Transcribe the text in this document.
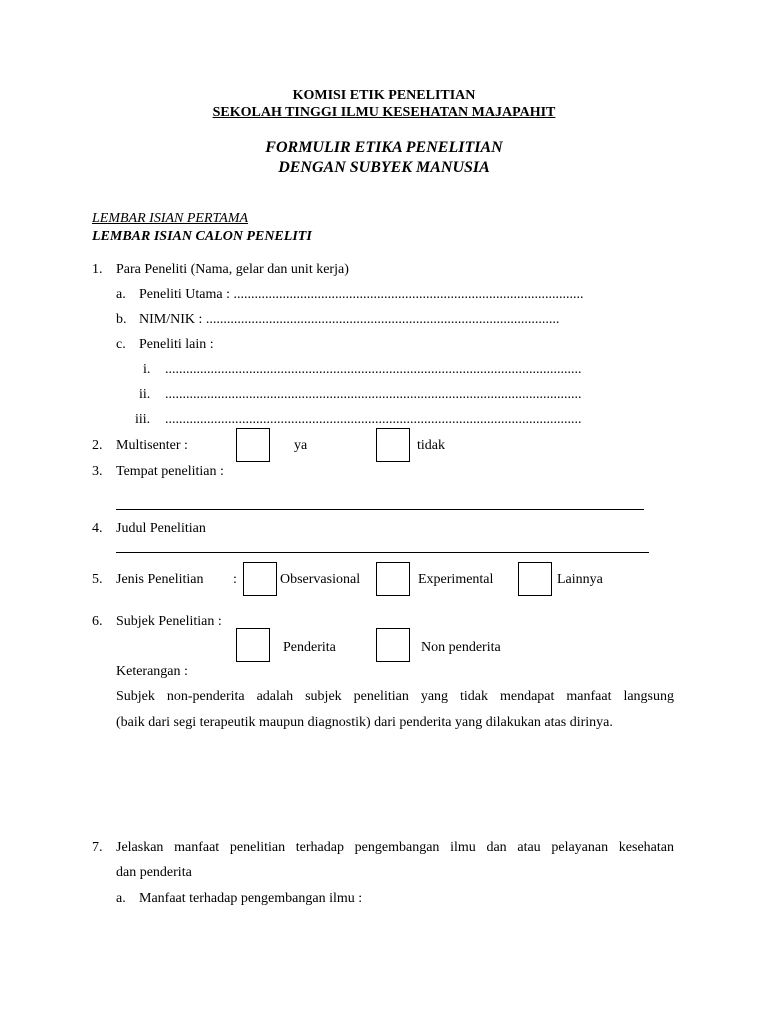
KOMISI ETIK PENELITIAN
SEKOLAH TINGGI ILMU KESEHATAN MAJAPAHIT
FORMULIR ETIKA PENELITIAN
DENGAN SUBYEK MANUSIA
LEMBAR ISIAN PERTAMA
LEMBAR ISIAN CALON PENELITI
1. Para Peneliti (Nama, gelar dan unit kerja)
a. Peneliti Utama : ....................................................................................................
b. NIM/NIK : .....................................................................................................
c. Peneliti lain :
i. .......................................................................................................................
ii. .......................................................................................................................
iii. .......................................................................................................................
2. Multisenter :	ya	tidak
3. Tempat penelitian :
4. Judul Penelitian
5. Jenis Penelitian :	Observasional	Experimental	Lainnya
6. Subjek Penelitian :
Penderita	Non penderita
Keterangan :
Subjek non-penderita adalah subjek penelitian yang tidak mendapat manfaat langsung
(baik dari segi terapeutik maupun diagnostik) dari penderita yang dilakukan atas dirinya.
7. Jelaskan manfaat penelitian terhadap pengembangan ilmu dan atau pelayanan kesehatan
dan penderita
a. Manfaat terhadap pengembangan ilmu :
